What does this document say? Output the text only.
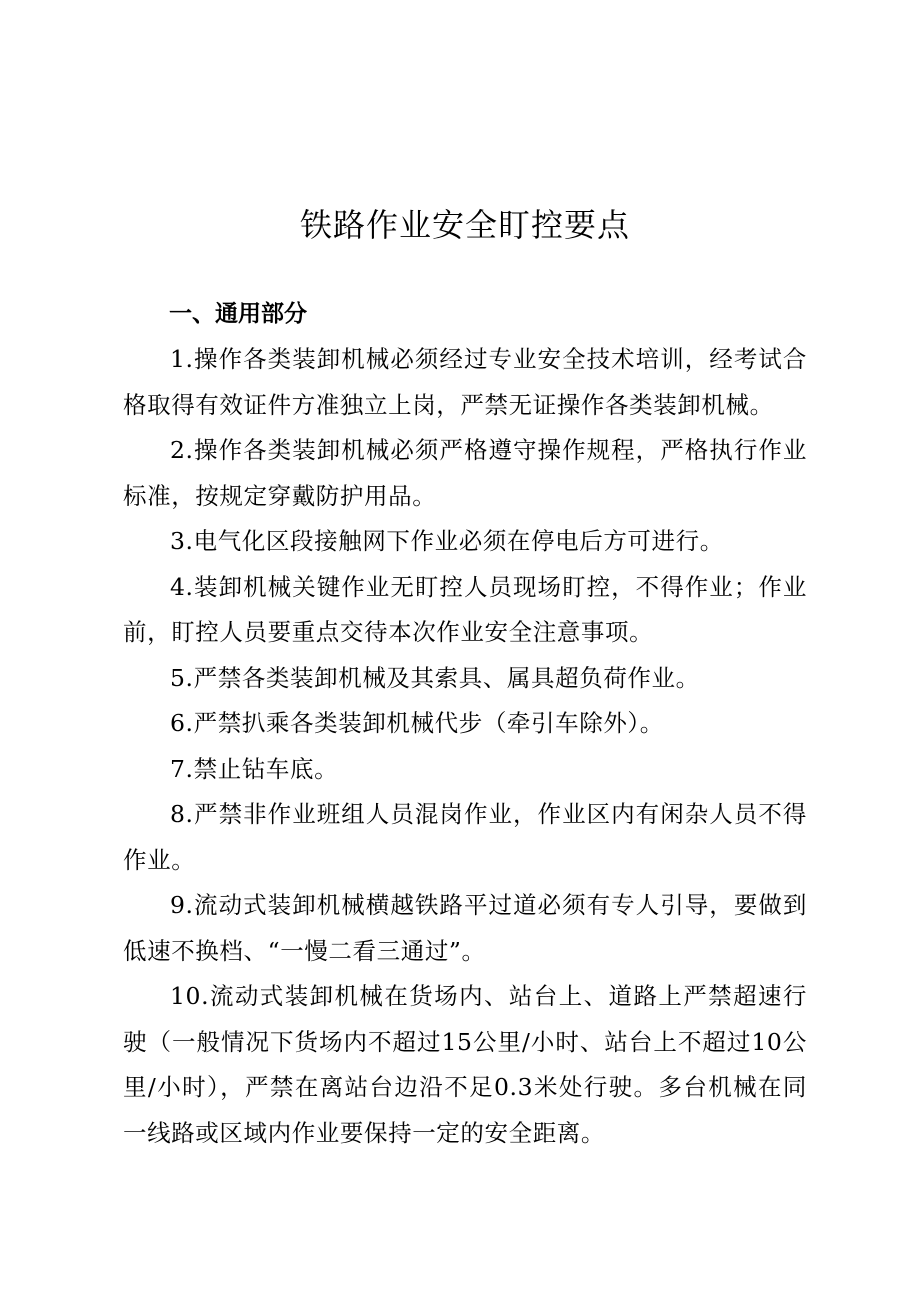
铁路作业安全盯控要点

一、通用部分

1.操作各类装卸机械必须经过专业安全技术培训，经考试合格取得有效证件方准独立上岗，严禁无证操作各类装卸机械。

2.操作各类装卸机械必须严格遵守操作规程，严格执行作业标准，按规定穿戴防护用品。

3.电气化区段接触网下作业必须在停电后方可进行。

4.装卸机械关键作业无盯控人员现场盯控，不得作业；作业前，盯控人员要重点交待本次作业安全注意事项。

5.严禁各类装卸机械及其索具、属具超负荷作业。

6.严禁扒乘各类装卸机械代步（牵引车除外）。

7.禁止钻车底。

8.严禁非作业班组人员混岗作业，作业区内有闲杂人员不得作业。

9.流动式装卸机械横越铁路平过道必须有专人引导，要做到低速不换档、“一慢二看三通过”。

10.流动式装卸机械在货场内、站台上、道路上严禁超速行驶（一般情况下货场内不超过15公里/小时、站台上不超过10公里/小时），严禁在离站台边沿不足0.3米处行驶。多台机械在同一线路或区域内作业要保持一定的安全距离。
